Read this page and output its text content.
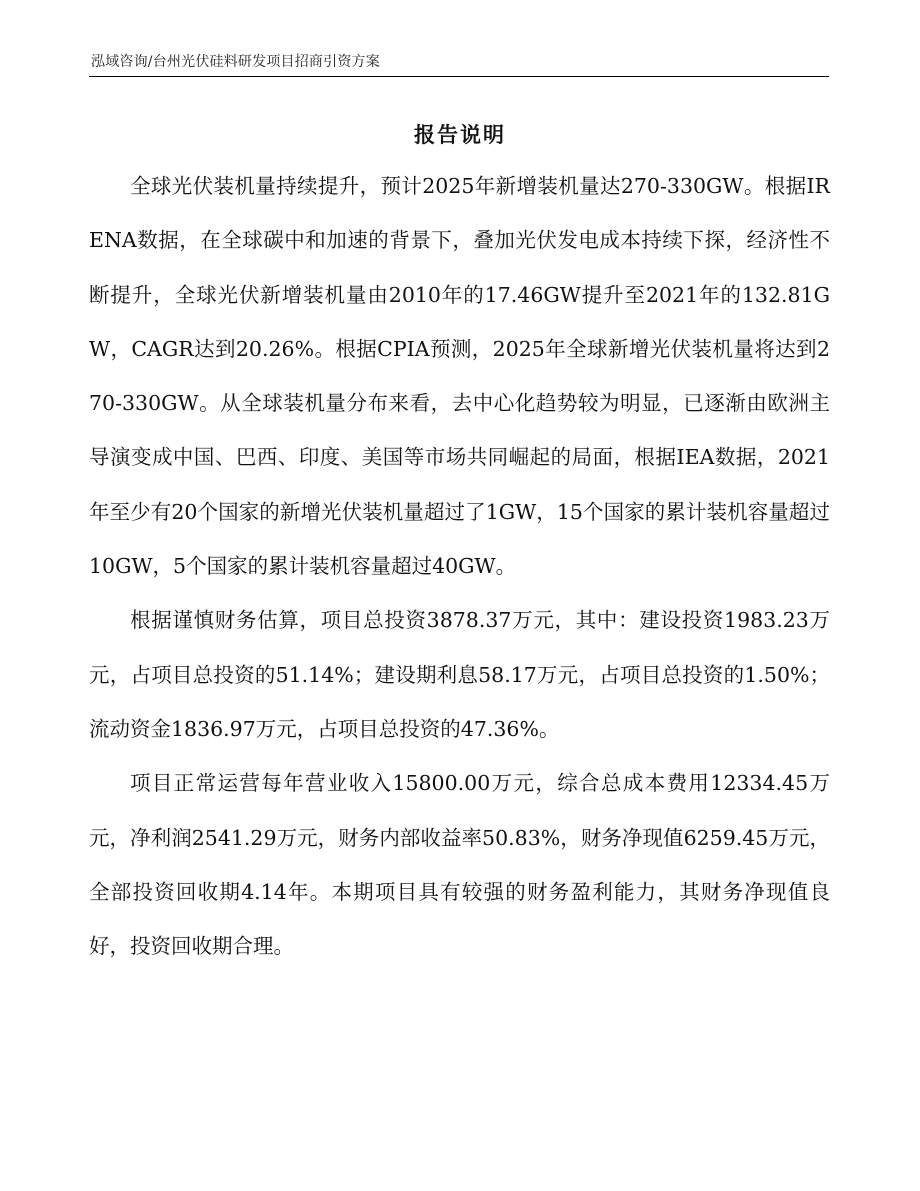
泓域咨询/台州光伏硅料研发项目招商引资方案
报告说明

全球光伏装机量持续提升，预计2025年新增装机量达270-330GW。根据IRENA数据，在全球碳中和加速的背景下，叠加光伏发电成本持续下探，经济性不断提升，全球光伏新增装机量由2010年的17.46GW提升至2021年的132.81GW，CAGR达到20.26%。根据CPIA预测，2025年全球新增光伏装机量将达到270-330GW。从全球装机量分布来看，去中心化趋势较为明显，已逐渐由欧洲主导演变成中国、巴西、印度、美国等市场共同崛起的局面，根据IEA数据，2021年至少有20个国家的新增光伏装机量超过了1GW，15个国家的累计装机容量超过10GW，5个国家的累计装机容量超过40GW。

根据谨慎财务估算，项目总投资3878.37万元，其中：建设投资1983.23万元，占项目总投资的51.14%；建设期利息58.17万元，占项目总投资的1.50%；流动资金1836.97万元，占项目总投资的47.36%。

项目正常运营每年营业收入15800.00万元，综合总成本费用12334.45万元，净利润2541.29万元，财务内部收益率50.83%，财务净现值6259.45万元，全部投资回收期4.14年。本期项目具有较强的财务盈利能力，其财务净现值良好，投资回收期合理。
